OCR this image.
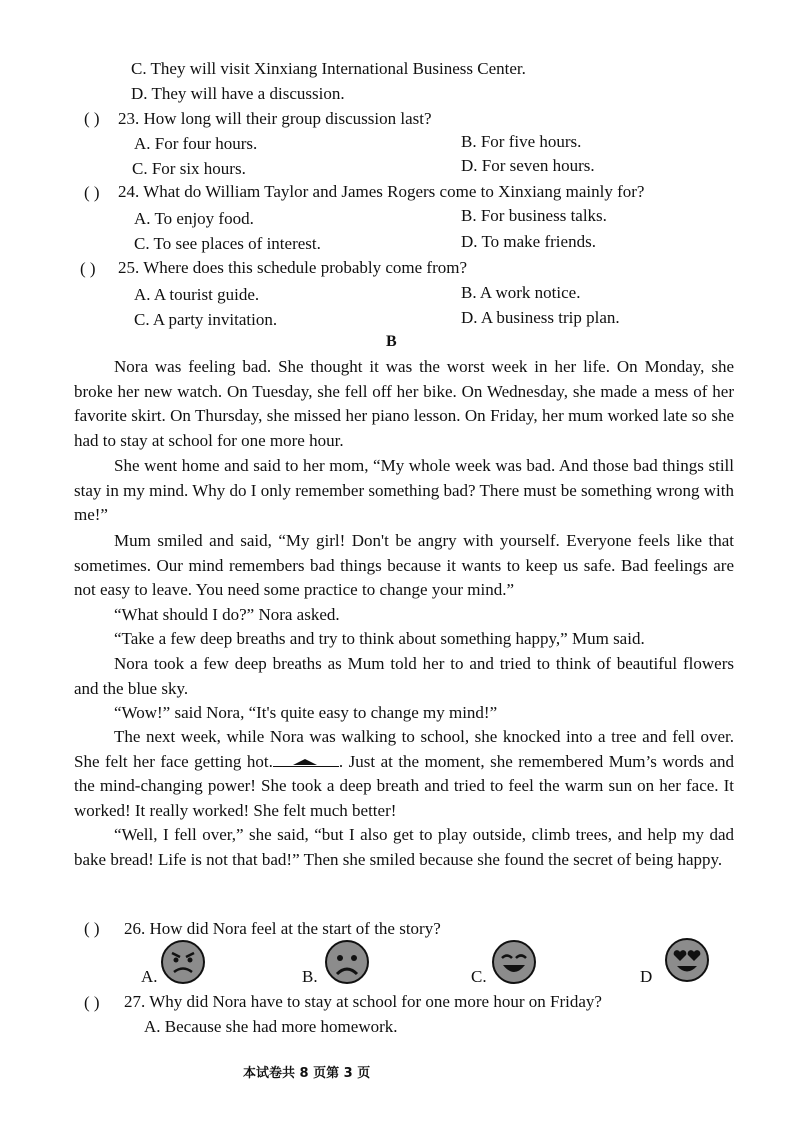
C. They will visit Xinxiang International Business Center.
D. They will have a discussion.
( ) 23. How long will their group discussion last?
A. For four hours.	B. For five hours.
C. For six hours.	D. For seven hours.
( ) 24. What do William Taylor and James Rogers come to Xinxiang mainly for?
A. To enjoy food.	B. For business talks.
C. To see places of interest.	D. To make friends.
( ) 25. Where does this schedule probably come from?
A. A tourist guide.	B. A work notice.
C. A party invitation.	D. A business trip plan.
B
Nora was feeling bad. She thought it was the worst week in her life. On Monday, she broke her new watch. On Tuesday, she fell off her bike. On Wednesday, she made a mess of her favorite skirt. On Thursday, she missed her piano lesson. On Friday, her mum worked late so she had to stay at school for one more hour.
She went home and said to her mom, “My whole week was bad. And those bad things still stay in my mind. Why do I only remember something bad? There must be something wrong with me!”
Mum smiled and said, “My girl! Don't be angry with yourself. Everyone feels like that sometimes. Our mind remembers bad things because it wants to keep us safe. Bad feelings are not easy to leave. You need some practice to change your mind.”
“What should I do?” Nora asked.
“Take a few deep breaths and try to think about something happy,” Mum said.
Nora took a few deep breaths as Mum told her to and tried to think of beautiful flowers and the blue sky.
“Wow!” said Nora, “It's quite easy to change my mind!”
The next week, while Nora was walking to school, she knocked into a tree and fell over. She felt her face getting hot.	. Just at the moment, she remembered Mum’s words and the mind-changing power! She took a deep breath and tried to feel the warm sun on her face. It worked! It really worked! She felt much better!
“Well, I fell over,” she said, “but I also get to play outside, climb trees, and help my dad bake bread! Life is not that bad!” Then she smiled because she found the secret of being happy.
( ) 26. How did Nora feel at the start of the story?
A.	B.	C.	D
( ) 27. Why did Nora have to stay at school for one more hour on Friday?
A. Because she had more homework.
本试卷共 8 页第 3 页
